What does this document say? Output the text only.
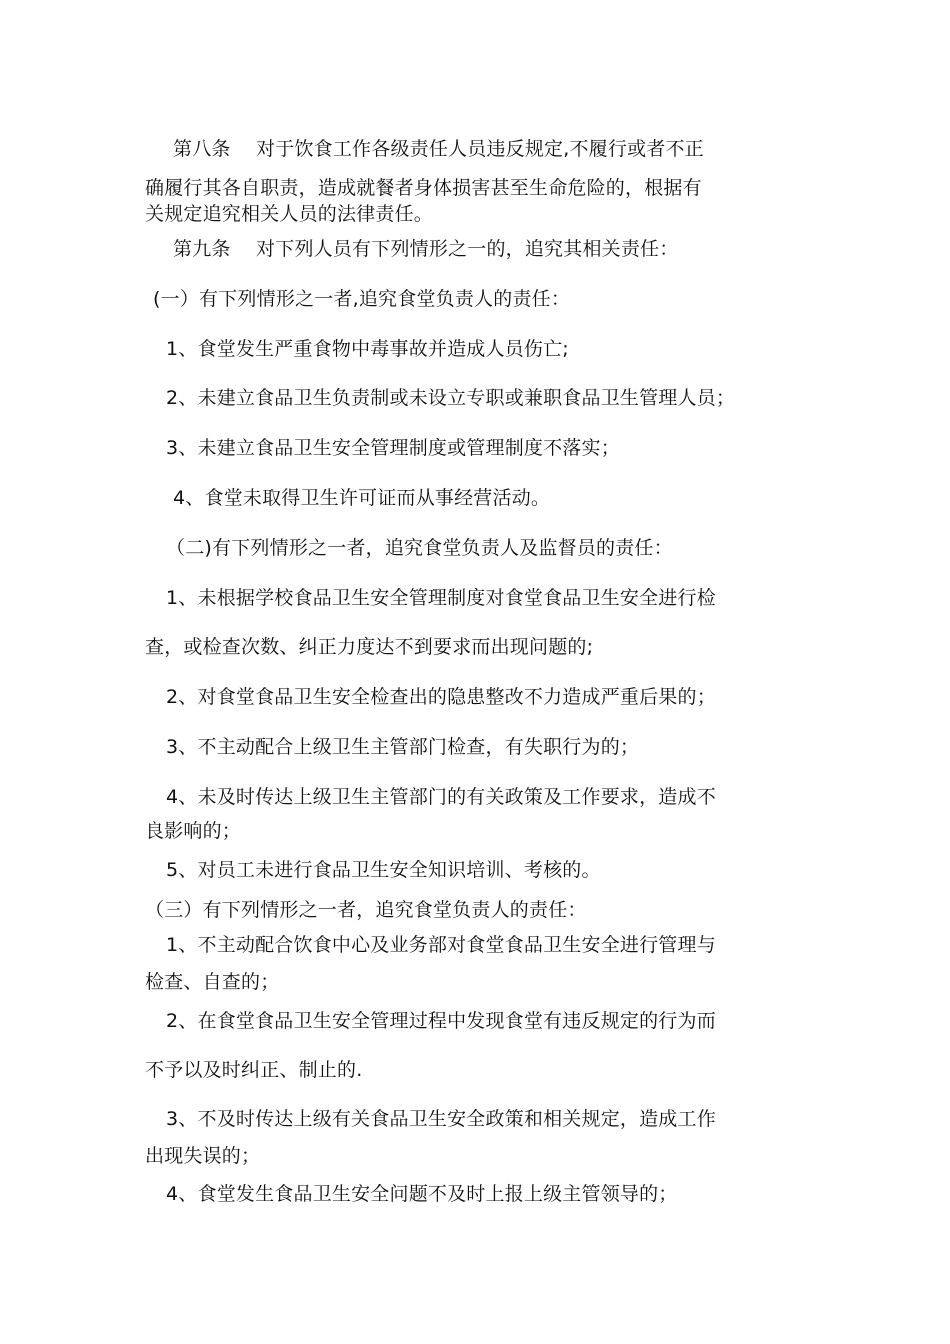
第八条　 对于饮食工作各级责任人员违反规定,不履行或者不正
确履行其各自职责，造成就餐者身体损害甚至生命危险的，根据有
关规定追究相关人员的法律责任。
第九条　 对下列人员有下列情形之一的，追究其相关责任：
(一）有下列情形之一者,追究食堂负责人的责任：
1、食堂发生严重食物中毒事故并造成人员伤亡;
2、未建立食品卫生负责制或未设立专职或兼职食品卫生管理人员；
3、未建立食品卫生安全管理制度或管理制度不落实；
4、食堂未取得卫生许可证而从事经营活动。
（二)有下列情形之一者，追究食堂负责人及监督员的责任：
1、未根据学校食品卫生安全管理制度对食堂食品卫生安全进行检
查，或检查次数、纠正力度达不到要求而出现问题的;
2、对食堂食品卫生安全检查出的隐患整改不力造成严重后果的；
3、不主动配合上级卫生主管部门检查，有失职行为的；
4、未及时传达上级卫生主管部门的有关政策及工作要求，造成不
良影响的；
5、对员工未进行食品卫生安全知识培训、考核的。
（三）有下列情形之一者，追究食堂负责人的责任：
1、不主动配合饮食中心及业务部对食堂食品卫生安全进行管理与
检查、自查的；
2、在食堂食品卫生安全管理过程中发现食堂有违反规定的行为而
不予以及时纠正、制止的.
3、不及时传达上级有关食品卫生安全政策和相关规定，造成工作
出现失误的；
4、食堂发生食品卫生安全问题不及时上报上级主管领导的；
